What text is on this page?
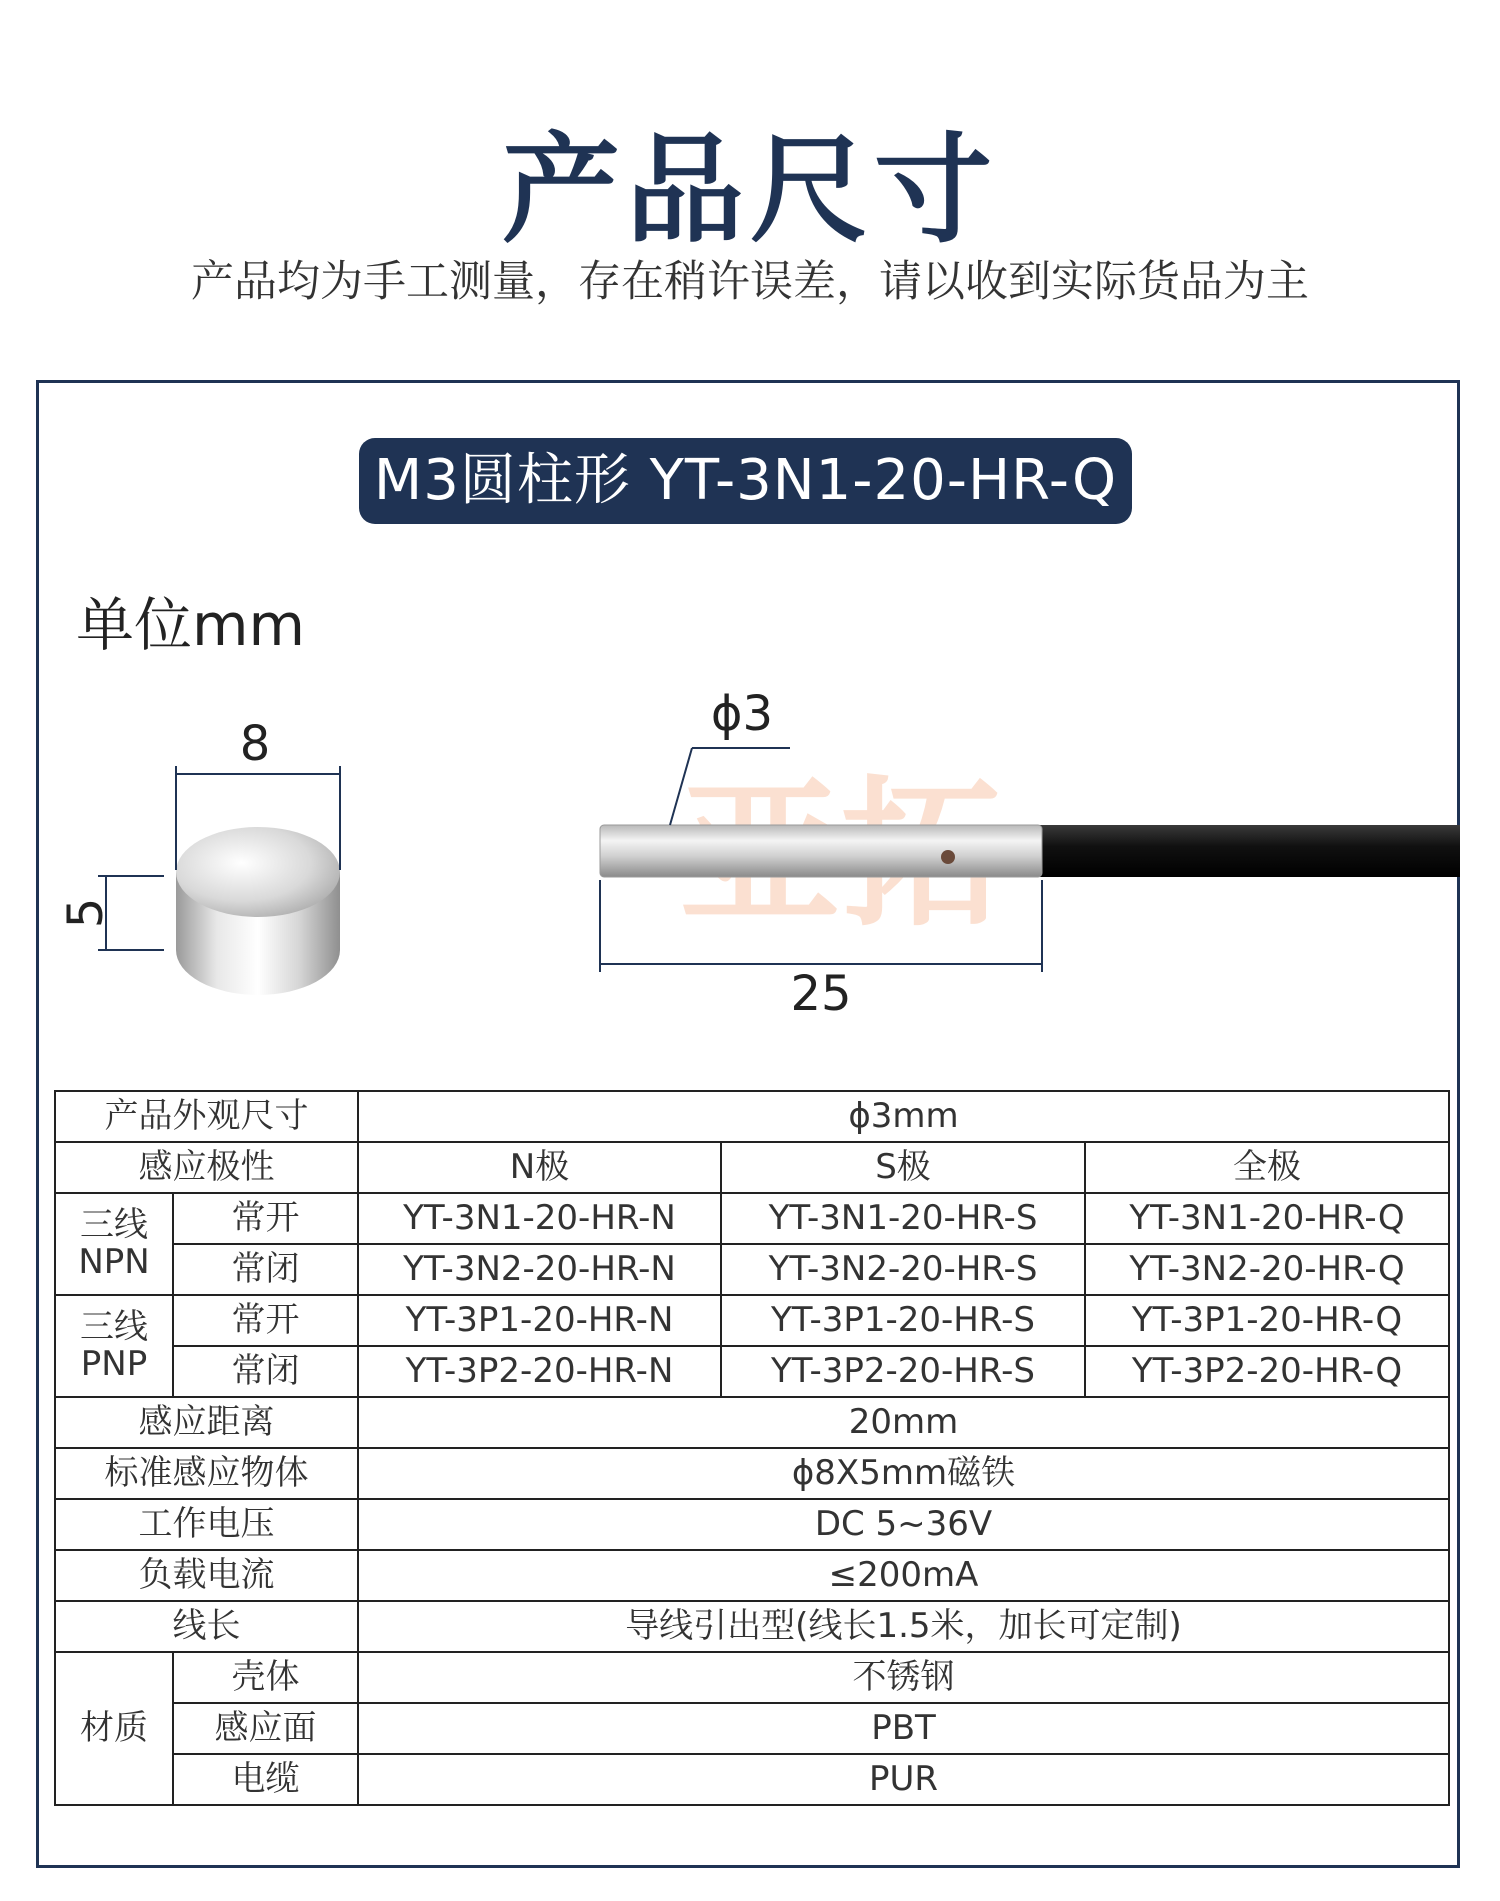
产品尺寸
产品均为手工测量，存在稍许误差，请以收到实际货品为主
M3圆柱形 YT-3N1-20-HR-Q
单位mm
8
5
ϕ3
25
产品外观尺寸		ϕ3mm		
感应极性		N极	S极	全极
三线
NPN	常开	YT-3N1-20-HR-N	YT-3N1-20-HR-S	YT-3N1-20-HR-Q
	常闭	YT-3N2-20-HR-N	YT-3N2-20-HR-S	YT-3N2-20-HR-Q
三线
PNP	常开	YT-3P1-20-HR-N	YT-3P1-20-HR-S	YT-3P1-20-HR-Q
	常闭	YT-3P2-20-HR-N	YT-3P2-20-HR-S	YT-3P2-20-HR-Q
感应距离		20mm		
标准感应物体		ϕ8X5mm磁铁		
工作电压		DC 5~36V		
负载电流		≤200mA		
线长		导线引出型(线长1.5米，加长可定制)		
材质	壳体	不锈钢		
	感应面	PBT		
	电缆	PUR		
